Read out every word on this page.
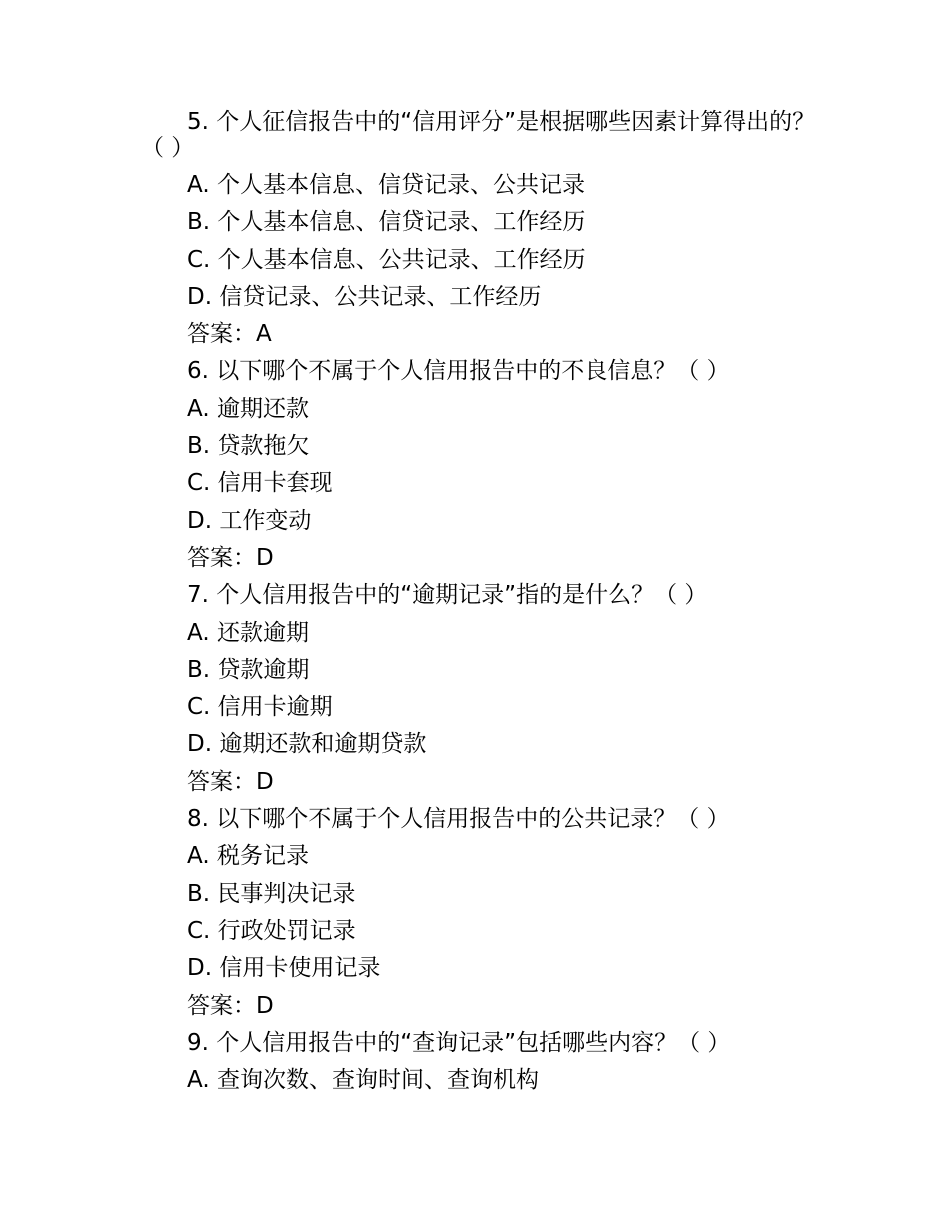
5. 个人征信报告中的“信用评分”是根据哪些因素计算得出的？（ ）
A. 个人基本信息、信贷记录、公共记录
B. 个人基本信息、信贷记录、工作经历
C. 个人基本信息、公共记录、工作经历
D. 信贷记录、公共记录、工作经历
答案：A
6. 以下哪个不属于个人信用报告中的不良信息？（ ）
A. 逾期还款
B. 贷款拖欠
C. 信用卡套现
D. 工作变动
答案：D
7. 个人信用报告中的“逾期记录”指的是什么？（ ）
A. 还款逾期
B. 贷款逾期
C. 信用卡逾期
D. 逾期还款和逾期贷款
答案：D
8. 以下哪个不属于个人信用报告中的公共记录？（ ）
A. 税务记录
B. 民事判决记录
C. 行政处罚记录
D. 信用卡使用记录
答案：D
9. 个人信用报告中的“查询记录”包括哪些内容？（ ）
A. 查询次数、查询时间、查询机构
